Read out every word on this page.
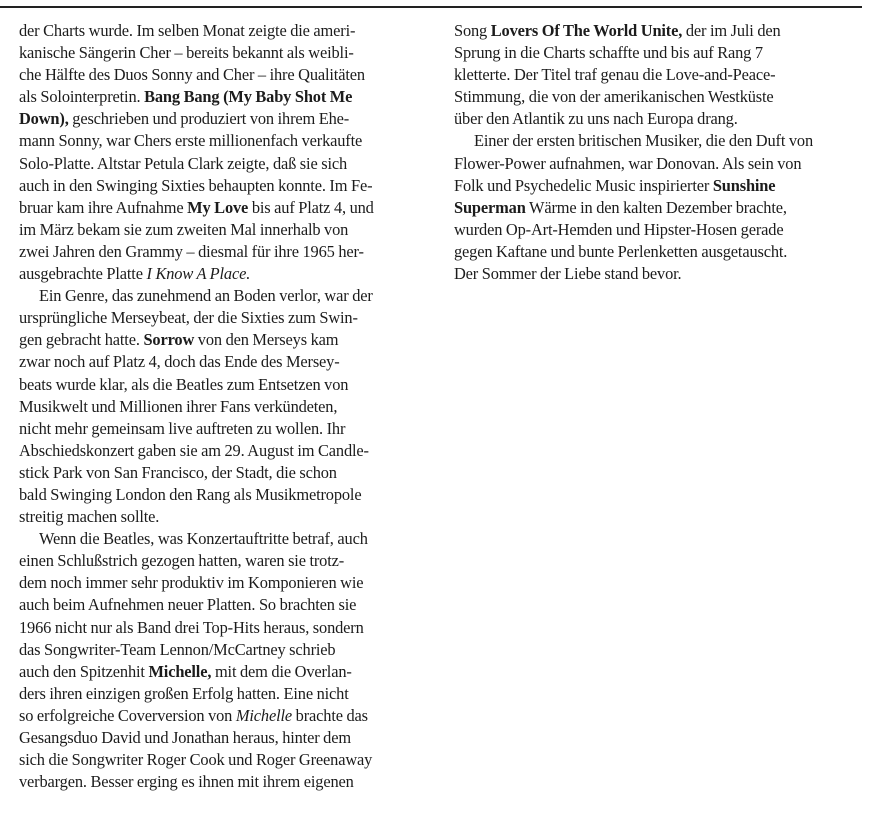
der Charts wurde. Im selben Monat zeigte die ameri-
kanische Sängerin Cher – bereits bekannt als weibli-
che Hälfte des Duos Sonny and Cher – ihre Qualitäten
als Solointerpretin. Bang Bang (My Baby Shot Me
Down), geschrieben und produziert von ihrem Ehe-
mann Sonny, war Chers erste millionenfach verkaufte
Solo-Platte. Altstar Petula Clark zeigte, daß sie sich
auch in den Swinging Sixties behaupten konnte. Im Fe-
bruar kam ihre Aufnahme My Love bis auf Platz 4, und
im März bekam sie zum zweiten Mal innerhalb von
zwei Jahren den Grammy – diesmal für ihre 1965 her-
ausgebrachte Platte I Know A Place.

Ein Genre, das zunehmend an Boden verlor, war der
ursprüngliche Merseybeat, der die Sixties zum Swin-
gen gebracht hatte. Sorrow von den Merseys kam
zwar noch auf Platz 4, doch das Ende des Mersey-
beats wurde klar, als die Beatles zum Entsetzen von
Musikwelt und Millionen ihrer Fans verkündeten,
nicht mehr gemeinsam live auftreten zu wollen. Ihr
Abschiedskonzert gaben sie am 29. August im Candle-
stick Park von San Francisco, der Stadt, die schon
bald Swinging London den Rang als Musikmetropole
streitig machen sollte.

Wenn die Beatles, was Konzertauftritte betraf, auch
einen Schlußstrich gezogen hatten, waren sie trotz-
dem noch immer sehr produktiv im Komponieren wie
auch beim Aufnehmen neuer Platten. So brachten sie
1966 nicht nur als Band drei Top-Hits heraus, sondern
das Songwriter-Team Lennon/McCartney schrieb
auch den Spitzenhit Michelle, mit dem die Overlan-
ders ihren einzigen großen Erfolg hatten. Eine nicht
so erfolgreiche Coverversion von Michelle brachte das
Gesangsduo David und Jonathan heraus, hinter dem
sich die Songwriter Roger Cook und Roger Greenaway
verbargen. Besser erging es ihnen mit ihrem eigenen

Song Lovers Of The World Unite, der im Juli den
Sprung in die Charts schaffte und bis auf Rang 7
kletterte. Der Titel traf genau die Love-and-Peace-
Stimmung, die von der amerikanischen Westküste
über den Atlantik zu uns nach Europa drang.

Einer der ersten britischen Musiker, die den Duft von
Flower-Power aufnahmen, war Donovan. Als sein von
Folk und Psychedelic Music inspirierter Sunshine
Superman Wärme in den kalten Dezember brachte,
wurden Op-Art-Hemden und Hipster-Hosen gerade
gegen Kaftane und bunte Perlenketten ausgetauscht.
Der Sommer der Liebe stand bevor.
